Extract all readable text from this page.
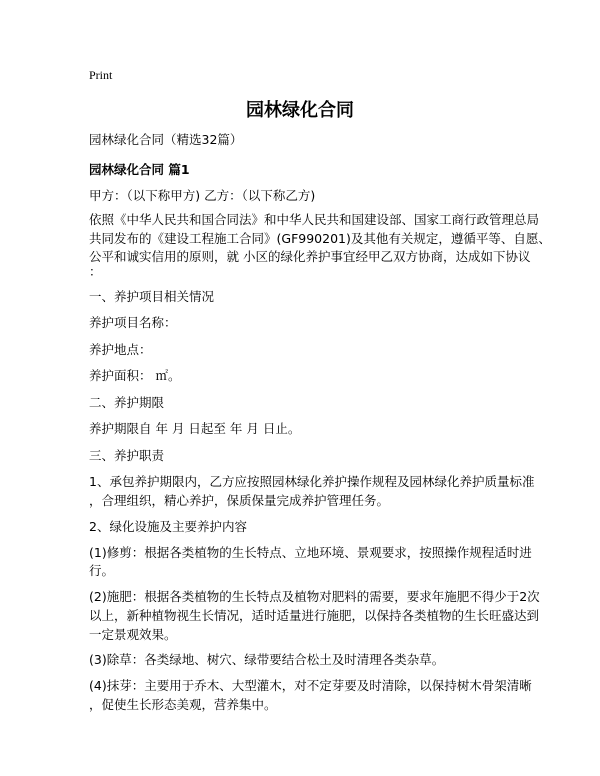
Print
园林绿化合同
园林绿化合同（精选32篇）
园林绿化合同 篇1
甲方：（以下称甲方) 乙方：（以下称乙方)
依照《中华人民共和国合同法》和中华人民共和国建设部、国家工商行政管理总局
共同发布的《建设工程施工合同》(GF990201)及其他有关规定，遵循平等、自愿、
公平和诚实信用的原则，就 小区的绿化养护事宜经甲乙双方协商，达成如下协议
：
一、养护项目相关情况
养护项目名称：
养护地点：
养护面积： ㎡。
二、养护期限
养护期限自 年 月 日起至 年 月 日止。
三、养护职责
1、承包养护期限内，乙方应按照园林绿化养护操作规程及园林绿化养护质量标准
，合理组织，精心养护，保质保量完成养护管理任务。
2、绿化设施及主要养护内容
(1)修剪：根据各类植物的生长特点、立地环境、景观要求，按照操作规程适时进
行。
(2)施肥：根据各类植物的生长特点及植物对肥料的需要，要求年施肥不得少于2次
以上，新种植物视生长情况，适时适量进行施肥，以保持各类植物的生长旺盛达到
一定景观效果。
(3)除草：各类绿地、树穴、绿带要结合松土及时清理各类杂草。
(4)抹芽：主要用于乔木、大型灌木，对不定芽要及时清除，以保持树木骨架清晰
，促使生长形态美观，营养集中。
